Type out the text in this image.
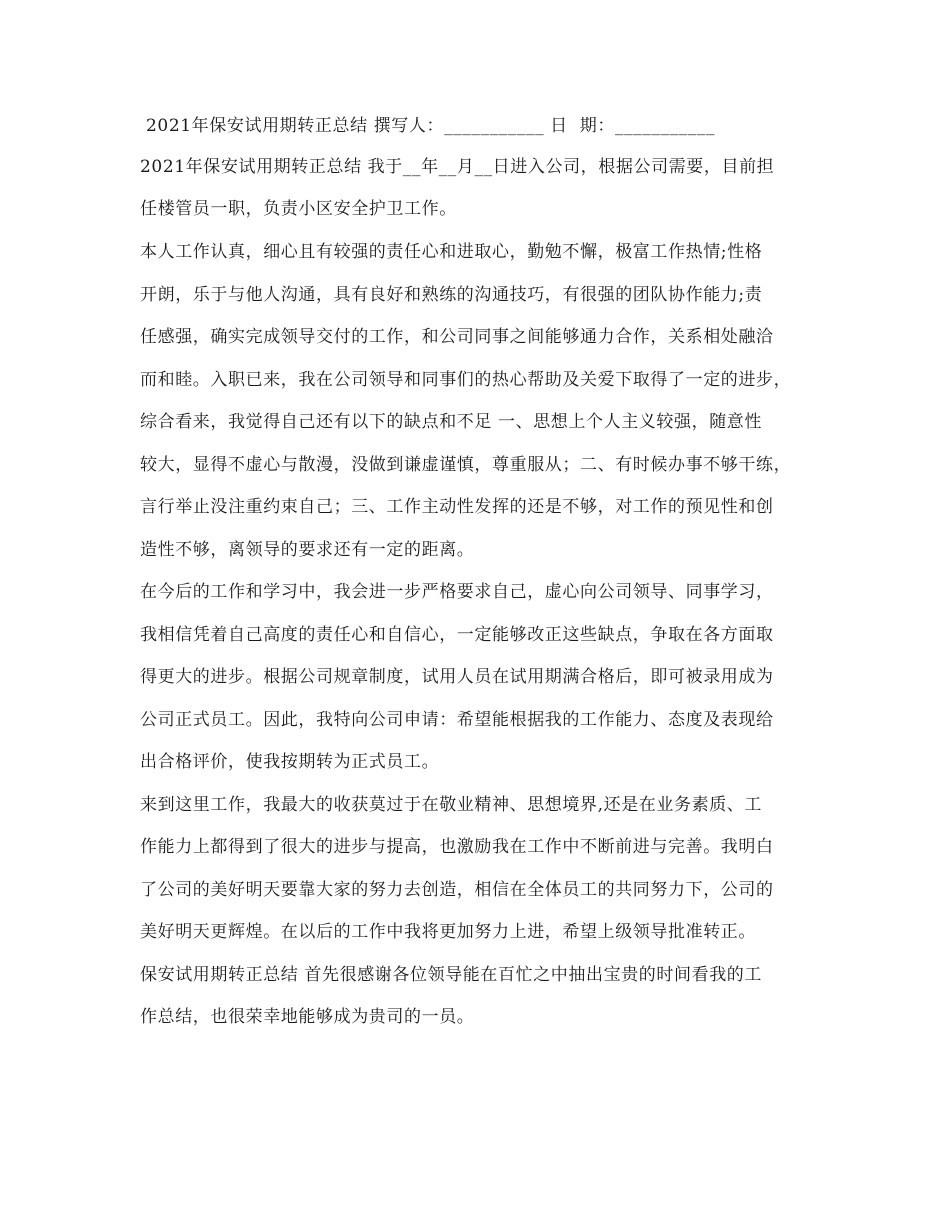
2021年保安试用期转正总结 撰写人：___________ 日  期：___________
2021年保安试用期转正总结 我于__年__月__日进入公司，根据公司需要，目前担
任楼管员一职，负责小区安全护卫工作。
本人工作认真，细心且有较强的责任心和进取心，勤勉不懈，极富工作热情;性格
开朗，乐于与他人沟通，具有良好和熟练的沟通技巧，有很强的团队协作能力;责
任感强，确实完成领导交付的工作，和公司同事之间能够通力合作，关系相处融洽
而和睦。入职已来，我在公司领导和同事们的热心帮助及关爱下取得了一定的进步，
综合看来，我觉得自己还有以下的缺点和不足 一、思想上个人主义较强，随意性
较大，显得不虚心与散漫，没做到谦虚谨慎，尊重服从；二、有时候办事不够干练，
言行举止没注重约束自己；三、工作主动性发挥的还是不够，对工作的预见性和创
造性不够，离领导的要求还有一定的距离。
在今后的工作和学习中，我会进一步严格要求自己，虚心向公司领导、同事学习，
我相信凭着自己高度的责任心和自信心，一定能够改正这些缺点，争取在各方面取
得更大的进步。根据公司规章制度，试用人员在试用期满合格后，即可被录用成为
公司正式员工。因此，我特向公司申请：希望能根据我的工作能力、态度及表现给
出合格评价，使我按期转为正式员工。
来到这里工作，我最大的收获莫过于在敬业精神、思想境界,还是在业务素质、工
作能力上都得到了很大的进步与提高，也激励我在工作中不断前进与完善。我明白
了公司的美好明天要靠大家的努力去创造，相信在全体员工的共同努力下，公司的
美好明天更辉煌。在以后的工作中我将更加努力上进，希望上级领导批准转正。
保安试用期转正总结 首先很感谢各位领导能在百忙之中抽出宝贵的时间看我的工
作总结，也很荣幸地能够成为贵司的一员。
